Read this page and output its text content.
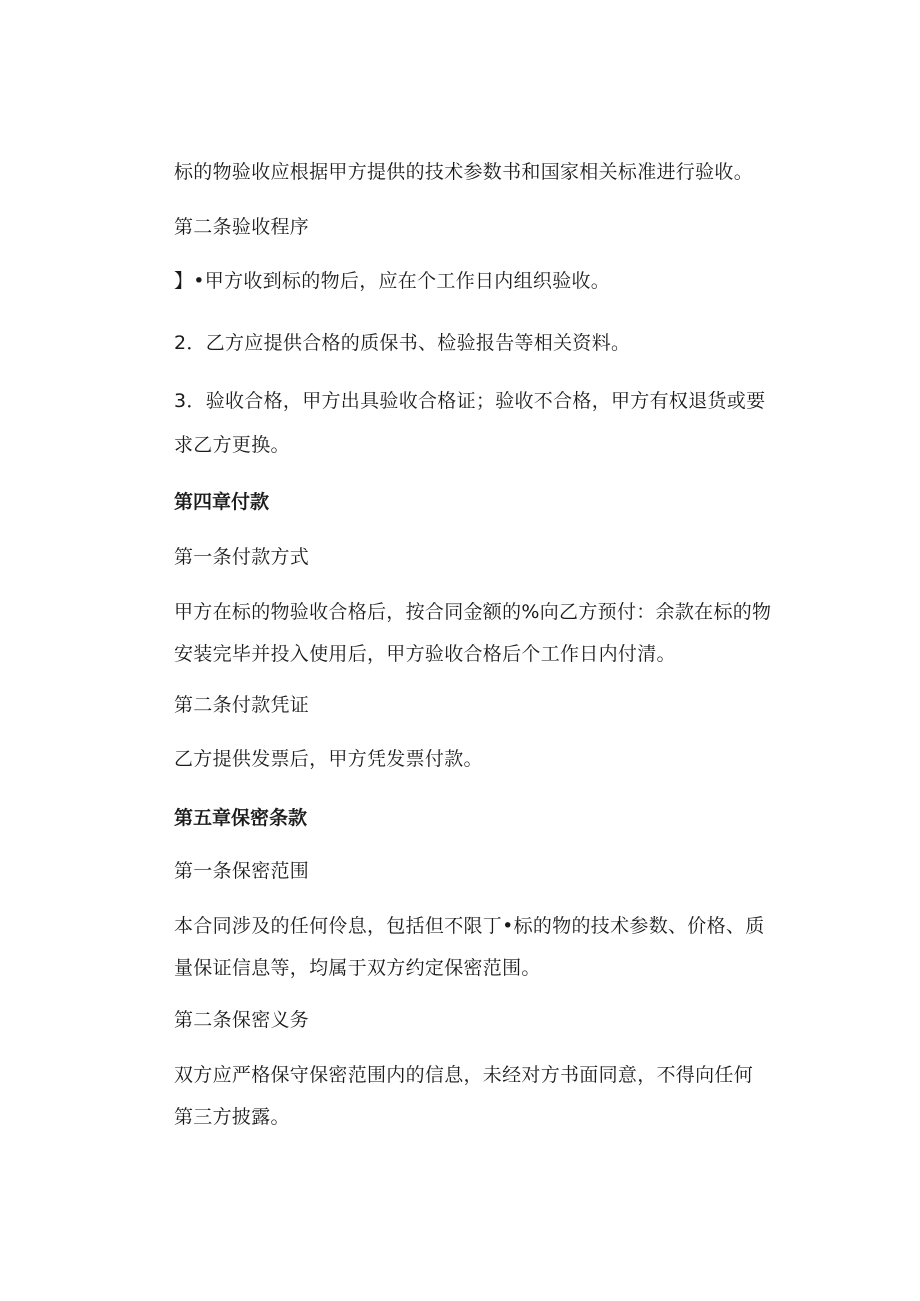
标的物验收应根据甲方提供的技术参数书和国家相关标准进行验收。
第二条验收程序
】•甲方收到标的物后，应在个工作日内组织验收。
2．乙方应提供合格的质保书、检验报告等相关资料。
3．验收合格，甲方出具验收合格证；验收不合格，甲方有权退货或要
求乙方更换。
第四章付款
第一条付款方式
甲方在标的物验收合格后，按合同金额的%向乙方预付：余款在标的物
安装完毕并投入使用后，甲方验收合格后个工作日内付清。
第二条付款凭证
乙方提供发票后，甲方凭发票付款。
第五章保密条款
第一条保密范围
本合同涉及的任何伶息，包括但不限丁•标的物的技术参数、价格、质
量保证信息等，均属于双方约定保密范围。
第二条保密义务
双方应严格保守保密范围内的信息，未经对方书面同意，不得向任何
第三方披露。
